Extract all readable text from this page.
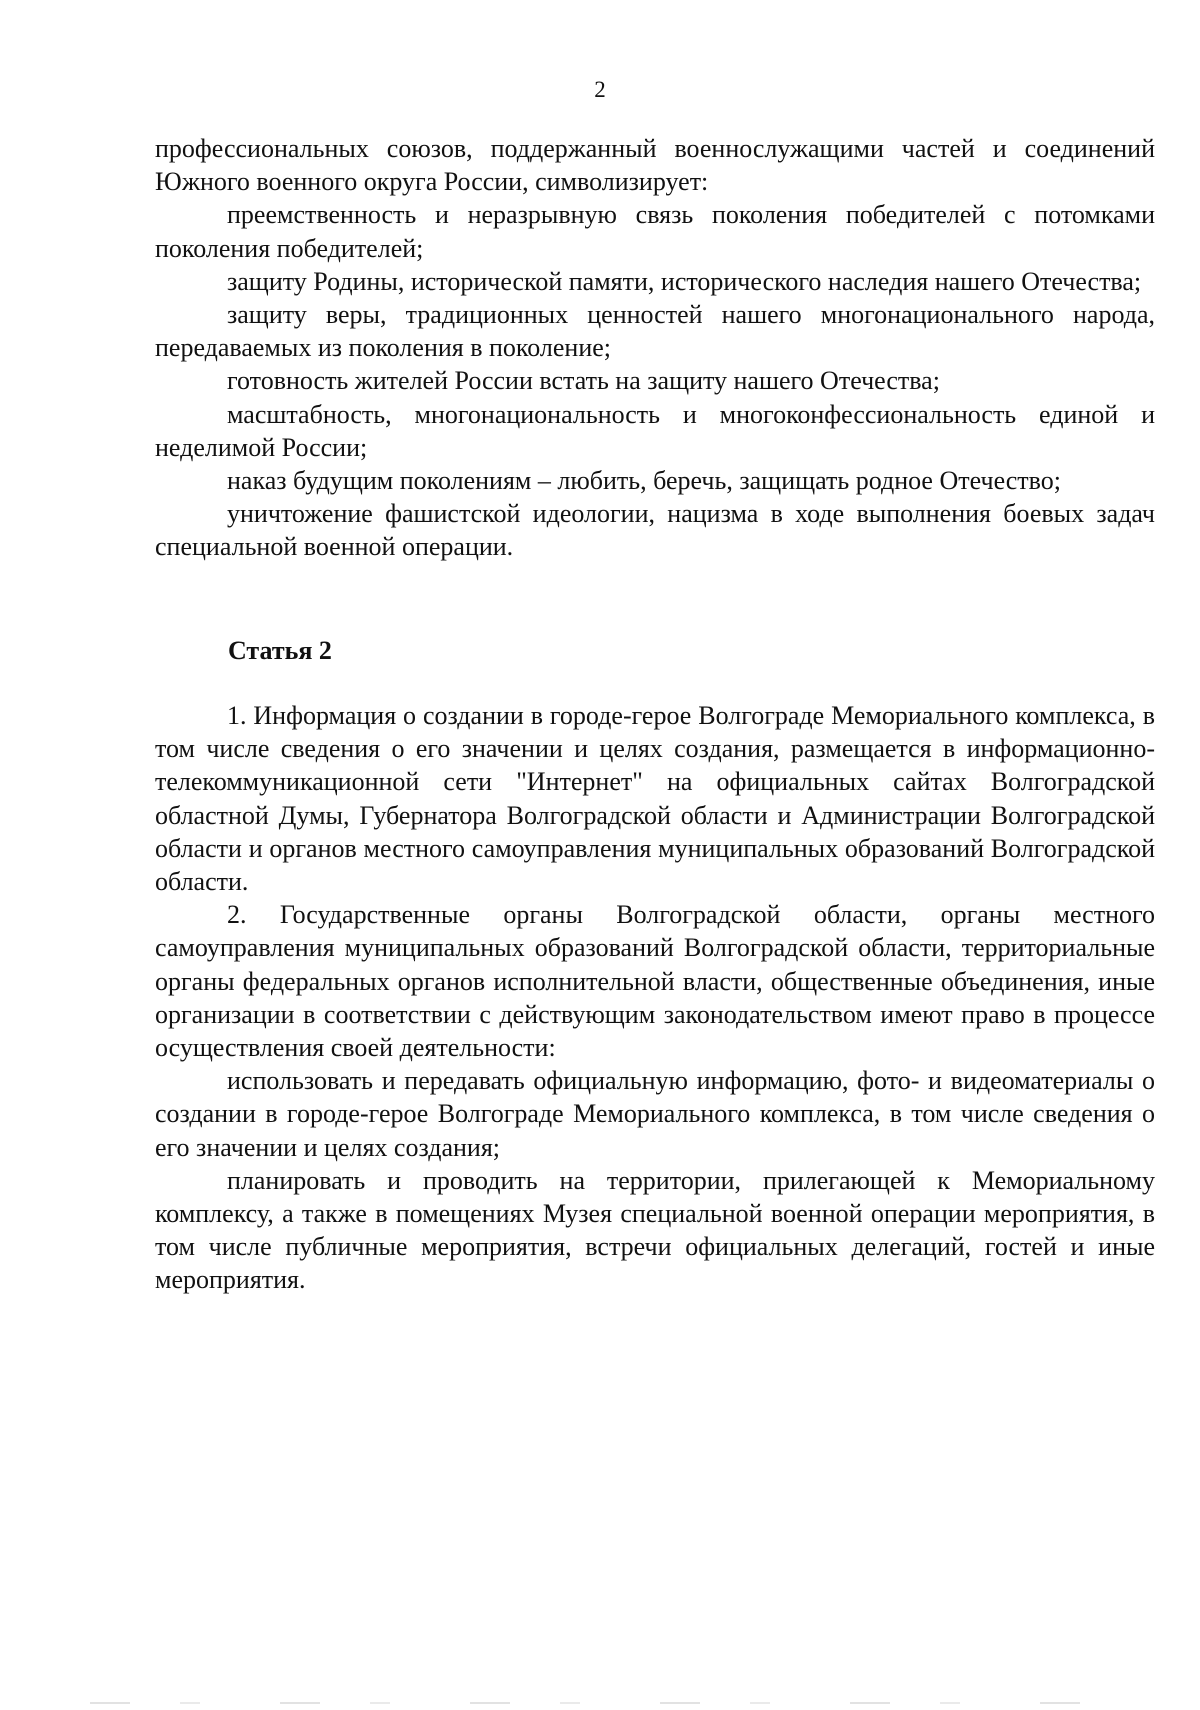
2

профессиональных союзов, поддержанный военнослужащими частей и соединений Южного военного округа России, символизирует:

преемственность и неразрывную связь поколения победителей с потомками поколения победителей;

защиту Родины, исторической памяти, исторического наследия нашего Отечества;

защиту веры, традиционных ценностей нашего многонационального народа, передаваемых из поколения в поколение;

готовность жителей России встать на защиту нашего Отечества;

масштабность, многонациональность и многоконфессиональность единой и неделимой России;

наказ будущим поколениям – любить, беречь, защищать родное Отечество;

уничтожение фашистской идеологии, нацизма в ходе выполнения боевых задач специальной военной операции.

Статья 2

1. Информация о создании в городе-герое Волгограде Мемориального комплекса, в том числе сведения о его значении и целях создания, размещается в информационно-телекоммуникационной сети "Интернет" на официальных сайтах Волгоградской областной Думы, Губернатора Волгоградской области и Администрации Волгоградской области и органов местного самоуправления муниципальных образований Волгоградской области.

2. Государственные органы Волгоградской области, органы местного самоуправления муниципальных образований Волгоградской области, территориальные органы федеральных органов исполнительной власти, общественные объединения, иные организации в соответствии с действующим законодательством имеют право в процессе осуществления своей деятельности:

использовать и передавать официальную информацию, фото- и видеоматериалы о создании в городе-герое Волгограде Мемориального комплекса, в том числе сведения о его значении и целях создания;

планировать и проводить на территории, прилегающей к Мемориальному комплексу, а также в помещениях Музея специальной военной операции мероприятия, в том числе публичные мероприятия, встречи официальных делегаций, гостей и иные мероприятия.
